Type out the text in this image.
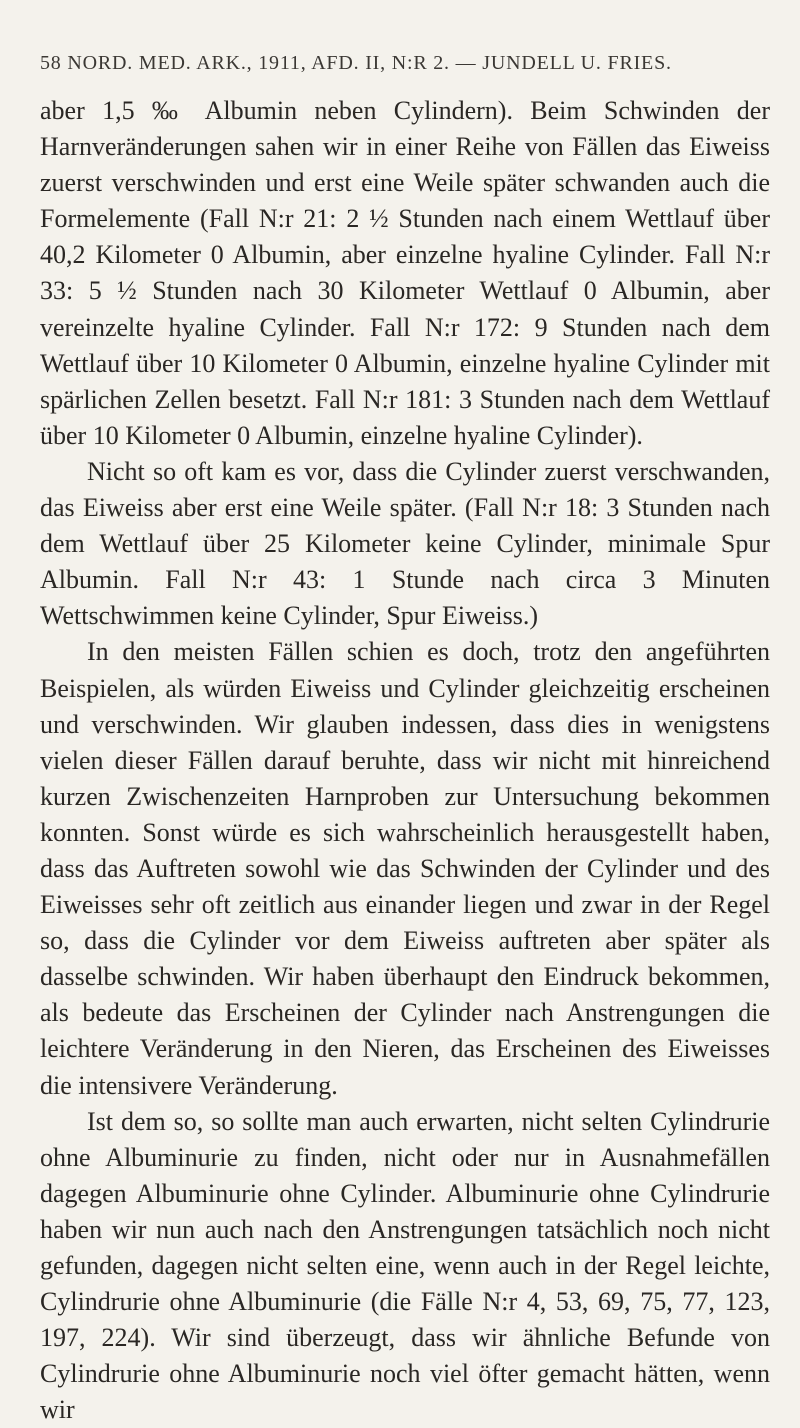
58 NORD. MED. ARK., 1911, AFD. II, N:R 2. — JUNDELL U. FRIES.

aber 1,5 ‰ Albumin neben Cylindern). Beim Schwinden der Harnveränderungen sahen wir in einer Reihe von Fällen das Eiweiss zuerst verschwinden und erst eine Weile später schwanden auch die Formelemente (Fall N:r 21: 2 ½ Stunden nach einem Wettlauf über 40,2 Kilometer 0 Albumin, aber einzelne hyaline Cylinder. Fall N:r 33: 5 ½ Stunden nach 30 Kilometer Wettlauf 0 Albumin, aber vereinzelte hyaline Cylinder. Fall N:r 172: 9 Stunden nach dem Wettlauf über 10 Kilometer 0 Albumin, einzelne hyaline Cylinder mit spärlichen Zellen besetzt. Fall N:r 181: 3 Stunden nach dem Wettlauf über 10 Kilometer 0 Albumin, einzelne hyaline Cylinder).

Nicht so oft kam es vor, dass die Cylinder zuerst verschwanden, das Eiweiss aber erst eine Weile später. (Fall N:r 18: 3 Stunden nach dem Wettlauf über 25 Kilometer keine Cylinder, minimale Spur Albumin. Fall N:r 43: 1 Stunde nach circa 3 Minuten Wettschwimmen keine Cylinder, Spur Eiweiss.)

In den meisten Fällen schien es doch, trotz den angeführten Beispielen, als würden Eiweiss und Cylinder gleichzeitig erscheinen und verschwinden. Wir glauben indessen, dass dies in wenigstens vielen dieser Fällen darauf beruhte, dass wir nicht mit hinreichend kurzen Zwischenzeiten Harnproben zur Untersuchung bekommen konnten. Sonst würde es sich wahrscheinlich herausgestellt haben, dass das Auftreten sowohl wie das Schwinden der Cylinder und des Eiweisses sehr oft zeitlich aus einander liegen und zwar in der Regel so, dass die Cylinder vor dem Eiweiss auftreten aber später als dasselbe schwinden. Wir haben überhaupt den Eindruck bekommen, als bedeute das Erscheinen der Cylinder nach Anstrengungen die leichtere Veränderung in den Nieren, das Erscheinen des Eiweisses die intensivere Veränderung.

Ist dem so, so sollte man auch erwarten, nicht selten Cylindrurie ohne Albuminurie zu finden, nicht oder nur in Ausnahmefällen dagegen Albuminurie ohne Cylinder. Albuminurie ohne Cylindrurie haben wir nun auch nach den Anstrengungen tatsächlich noch nicht gefunden, dagegen nicht selten eine, wenn auch in der Regel leichte, Cylindrurie ohne Albuminurie (die Fälle N:r 4, 53, 69, 75, 77, 123, 197, 224). Wir sind überzeugt, dass wir ähnliche Befunde von Cylindrurie ohne Albuminurie noch viel öfter gemacht hätten, wenn wir
